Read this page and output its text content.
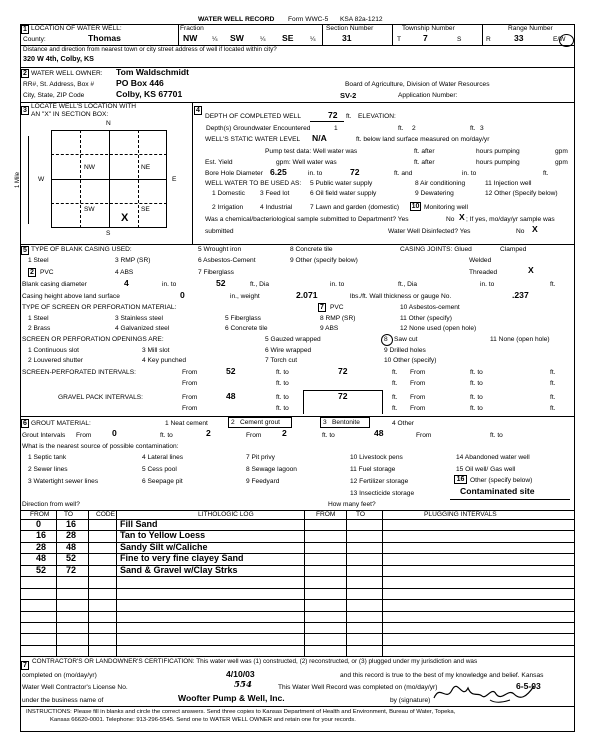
WATER WELL RECORD Form WWC-5 KSA 82a-1212
1 LOCATION OF WATER WELL:
County:	Thomas
Fraction
NW ¼ SW ¼ SE	¼
Section Number
31
Township Number
T	7	S
Range Number
R	33	E/W
Distance and direction from nearest town or city street address of well if located within city?
320 W 4th, Colby, KS
2 WATER WELL OWNER: Tom Waldschmidt
RR#, St. Address, Box #	PO Box 446	Board of Agriculture, Division of Water Resources
City, State, ZIP Code	Colby, KS 67701	SV-2	Application Number:
3
LOCATE WELL'S LOCATION WITH
AN "X" IN SECTION BOX:
N
S
W	E
1 Mile
NW	NE
SW	SE
X
4
DEPTH OF COMPLETED WELL	72 ft. ELEVATION:
Depth(s) Groundwater Encountered	1	ft. 2	ft. 3
WELL'S STATIC WATER LEVEL N/A	ft. below land surface measured on mo/day/yr
Pump test data: Well water was	ft. after	hours pumping	gpm
Est. Yield	gpm: Well water was	ft. after	hours pumping	gpm
Bore Hole Diameter 6.25	in. to	72	ft. and	in. to	ft.
WELL WATER TO BE USED AS: 5 Public water supply	8 Air conditioning	11 Injection well
1 Domestic 3 Feed lot	6 Oil field water supply	9 Dewatering	12 Other (Specify below)
2 Irrigation	4 Industrial	7 Lawn and garden (domestic) 10 Monitoring well
Was a chemical/bacteriological sample submitted to Department? Yes	No X ; If yes, mo/day/yr sample was
submitted	Water Well Disinfected? Yes	No X
5 TYPE OF BLANK CASING USED:	5 Wrought iron	8 Concrete tile	CASING JOINTS: Glued	Clamped
1 Steel	3 RMP (SR)	6 Asbestos-Cement	9 Other (specify below)	Welded
2 PVC	4 ABS	7 Fiberglass	Threaded	X
Blank casing diameter	4	in. to	52	ft., Dia	in. to	ft., Dia	in. to	ft.
Casing height above land surface	0	in., weight	2.071	lbs./ft. Wall thickness or gauge No.	.237
TYPE OF SCREEN OR PERFORATION MATERIAL:	7 PVC	10 Asbestos-cement
1 Steel	3 Stainless steel	5 Fiberglass	8 RMP (SR)	11 Other (specify)
2 Brass	4 Galvanized steel	6 Concrete tile	9 ABS	12 None used (open hole)
SCREEN OR PERFORATION OPENINGS ARE:	5 Gauzed wrapped	8 Saw cut	11 None (open hole)
1 Continuous slot	3 Mill slot	6 Wire wrapped	9 Drilled holes
2 Louvered shutter	4 Key punched	7 Torch cut	10 Other (specify)
SCREEN-PERFORATED INTERVALS:	From	52	ft. to	72	ft. From	ft. to	ft.
From	ft. to	ft. From	ft. to	ft.
GRAVEL PACK INTERVALS:	From	48	ft. to	72	ft. From	ft. to	ft.
From	ft. to	ft. From	ft. to	ft.
6 GROUT MATERIAL:	1 Neat cement	2 Cement grout	3 Bentonite	4 Other
Grout Intervals From 0	ft. to	2	From 2	ft. to	48	From	ft. to
What is the nearest source of possible contamination:
1 Septic tank	4 Lateral lines	7 Pit privy	10 Livestock pens	14 Abandoned water well
2 Sewer lines	5 Cess pool	8 Sewage lagoon	11 Fuel storage	15 Oil well/ Gas well
3 Watertight sewer lines	6 Seepage pit	9 Feedyard	12 Fertilizer storage
13 Insecticide storage
16 Other (specify below)
Contaminated site
Direction from well?	How many feet?
FROM TO	CODE	LITHOLOGIC LOG	FROM	TO	PLUGGING INTERVALS
0	16	Fill Sand
16 28	Tan to Yellow Loess
28 48	Sandy Silt w/Caliche
48 52	Fine to very fine clayey Sand
52 72	Sand & Gravel w/Clay Strks
7
CONTRACTOR'S OR LANDOWNER'S CERTIFICATION: This water well was (1) constructed, (2) reconstructed, or (3) plugged under my jurisdiction and was
completed on (mo/day/yr)	4/10/03	and this record is true to the best of my knowledge and belief. Kansas
Water Well Contractor's License No.	554	This Water Well Record was completed on (mo/day/yr)	6-5-03
under the business name of	Woofter Pump & Well, Inc.	by (signature)
INSTRUCTIONS: Please fill in blanks and circle the correct answers. Send three copies to Kansas Department of Health and Environment, Bureau of Water, Topeka,
Kansas 66620-0001. Telephone: 913-296-5545. Send one to WATER WELL OWNER and retain one for your records.
